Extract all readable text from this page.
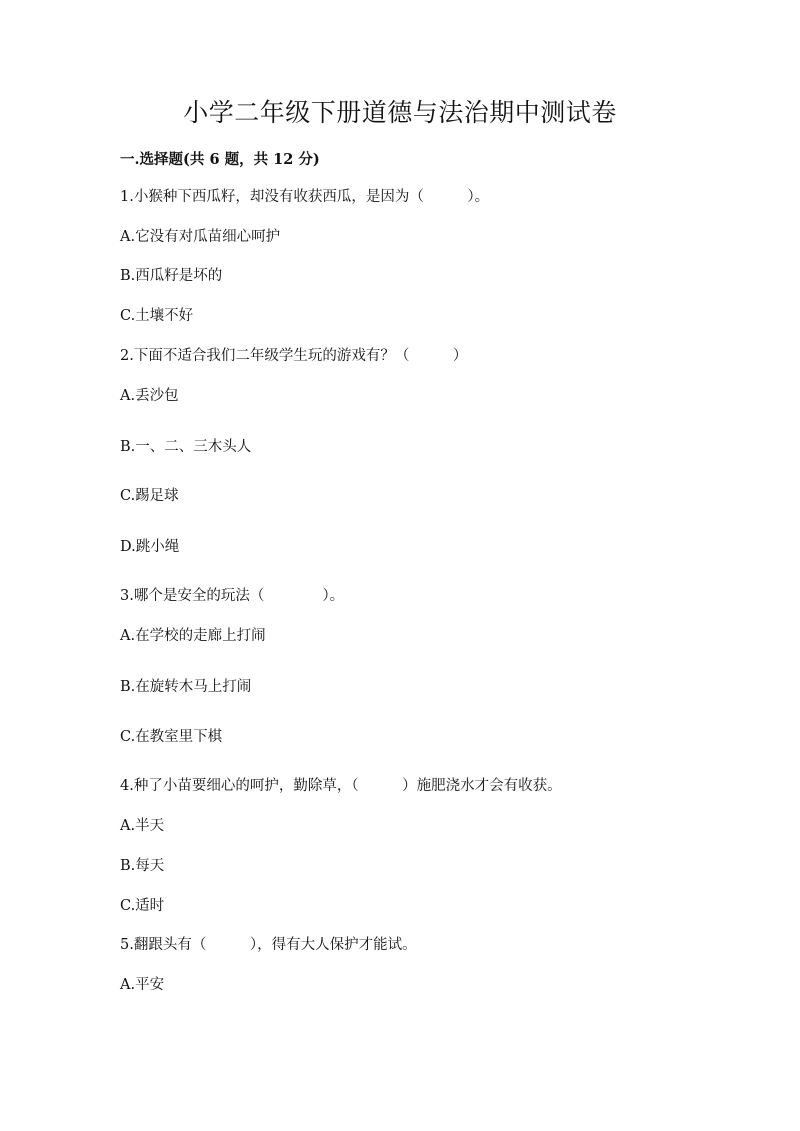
小学二年级下册道德与法治期中测试卷
一.选择题(共 6 题，共 12 分)
1.小猴种下西瓜籽，却没有收获西瓜，是因为（　　　）。
A.它没有对瓜苗细心呵护
B.西瓜籽是坏的
C.土壤不好
2.下面不适合我们二年级学生玩的游戏有？（　　　）
A.丢沙包
B.一、二、三木头人
C.踢足球
D.跳小绳
3.哪个是安全的玩法（　　　　）。
A.在学校的走廊上打闹
B.在旋转木马上打闹
C.在教室里下棋
4.种了小苗要细心的呵护，勤除草，（　　　）施肥浇水才会有收获。
A.半天
B.每天
C.适时
5.翻跟头有（　　　），得有大人保护才能试。
A.平安
